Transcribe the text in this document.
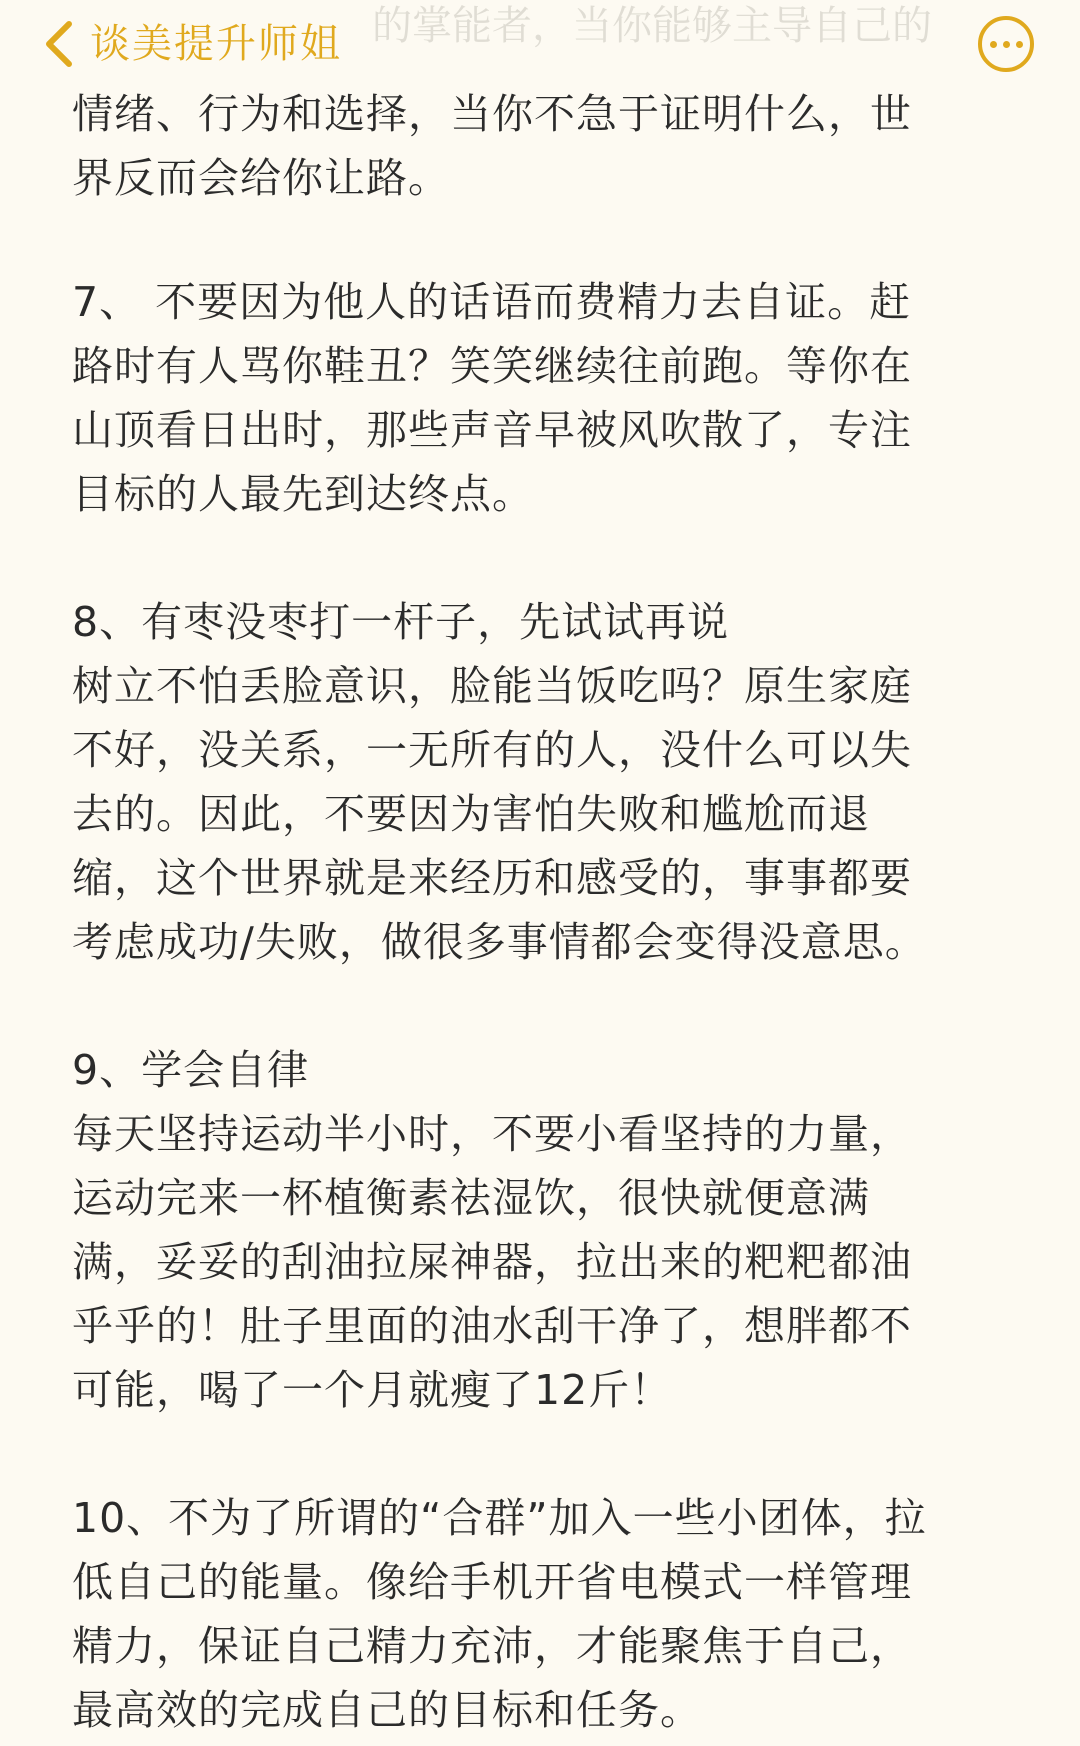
谈美提升师姐 的掌能者，当你能够主导自己的
情绪、行为和选择，当你不急于证明什么，世
界反而会给你让路。
7、 不要因为他人的话语而费精力去自证。赶
路时有人骂你鞋丑？笑笑继续往前跑。等你在
山顶看日出时，那些声音早被风吹散了，专注
目标的人最先到达终点。
8、有枣没枣打一杆子，先试试再说
树立不怕丢脸意识，脸能当饭吃吗？原生家庭
不好，没关系，一无所有的人，没什么可以失
去的。因此，不要因为害怕失败和尴尬而退
缩，这个世界就是来经历和感受的，事事都要
考虑成功/失败，做很多事情都会变得没意思。
9、学会自律
每天坚持运动半小时，不要小看坚持的力量，
运动完来一杯植衡素祛湿饮，很快就便意满
满，妥妥的刮油拉屎神器，拉出来的粑粑都油
乎乎的！肚子里面的油水刮干净了，想胖都不
可能，喝了一个月就瘦了12斤！
10、不为了所谓的“合群”加入一些小团体，拉
低自己的能量。像给手机开省电模式一样管理
精力，保证自己精力充沛，才能聚焦于自己，
最高效的完成自己的目标和任务。
